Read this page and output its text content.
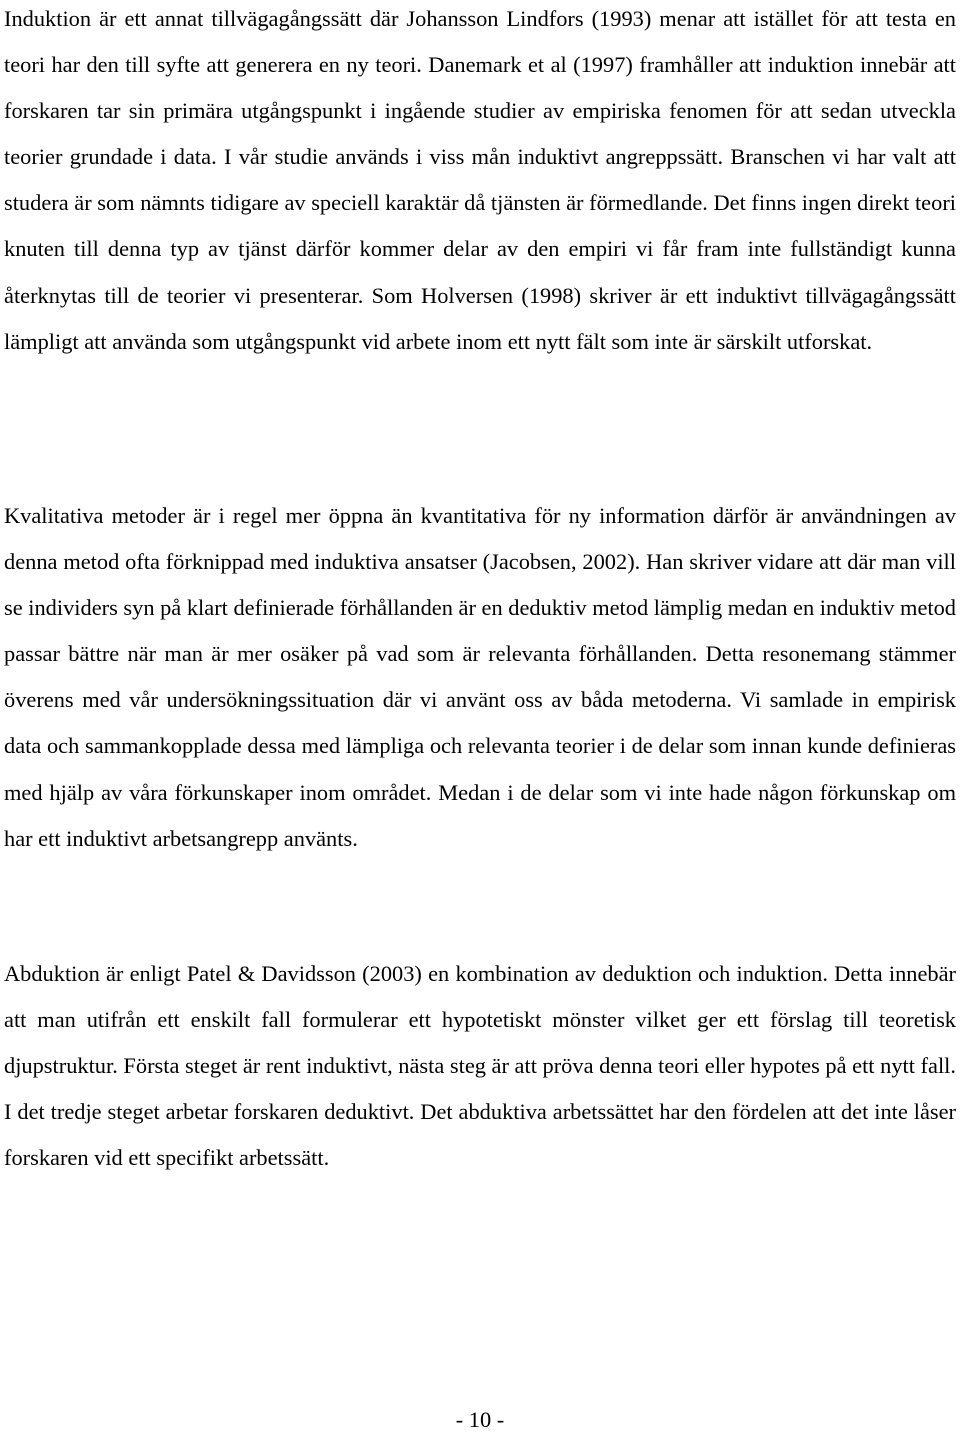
Induktion är ett annat tillvägagångssätt där Johansson Lindfors (1993) menar att istället för att testa en teori har den till syfte att generera en ny teori. Danemark et al (1997) framhåller att induktion innebär att forskaren tar sin primära utgångspunkt i ingående studier av empiriska fenomen för att sedan utveckla teorier grundade i data. I vår studie används i viss mån induktivt angreppssätt. Branschen vi har valt att studera är som nämnts tidigare av speciell karaktär då tjänsten är förmedlande. Det finns ingen direkt teori knuten till denna typ av tjänst därför kommer delar av den empiri vi får fram inte fullständigt kunna återknytas till de teorier vi presenterar. Som Holversen (1998) skriver är ett induktivt tillvägagångssätt lämpligt att använda som utgångspunkt vid arbete inom ett nytt fält som inte är särskilt utforskat.

Kvalitativa metoder är i regel mer öppna än kvantitativa för ny information därför är användningen av denna metod ofta förknippad med induktiva ansatser (Jacobsen, 2002). Han skriver vidare att där man vill se individers syn på klart definierade förhållanden är en deduktiv metod lämplig medan en induktiv metod passar bättre när man är mer osäker på vad som är relevanta förhållanden. Detta resonemang stämmer överens med vår undersökningssituation där vi använt oss av båda metoderna. Vi samlade in empirisk data och sammankopplade dessa med lämpliga och relevanta teorier i de delar som innan kunde definieras med hjälp av våra förkunskaper inom området. Medan i de delar som vi inte hade någon förkunskap om har ett induktivt arbetsangrepp använts.

Abduktion är enligt Patel & Davidsson (2003) en kombination av deduktion och induktion. Detta innebär att man utifrån ett enskilt fall formulerar ett hypotetiskt mönster vilket ger ett förslag till teoretisk djupstruktur. Första steget är rent induktivt, nästa steg är att pröva denna teori eller hypotes på ett nytt fall. I det tredje steget arbetar forskaren deduktivt. Det abduktiva arbetssättet har den fördelen att det inte låser forskaren vid ett specifikt arbetssätt.

- 10 -
